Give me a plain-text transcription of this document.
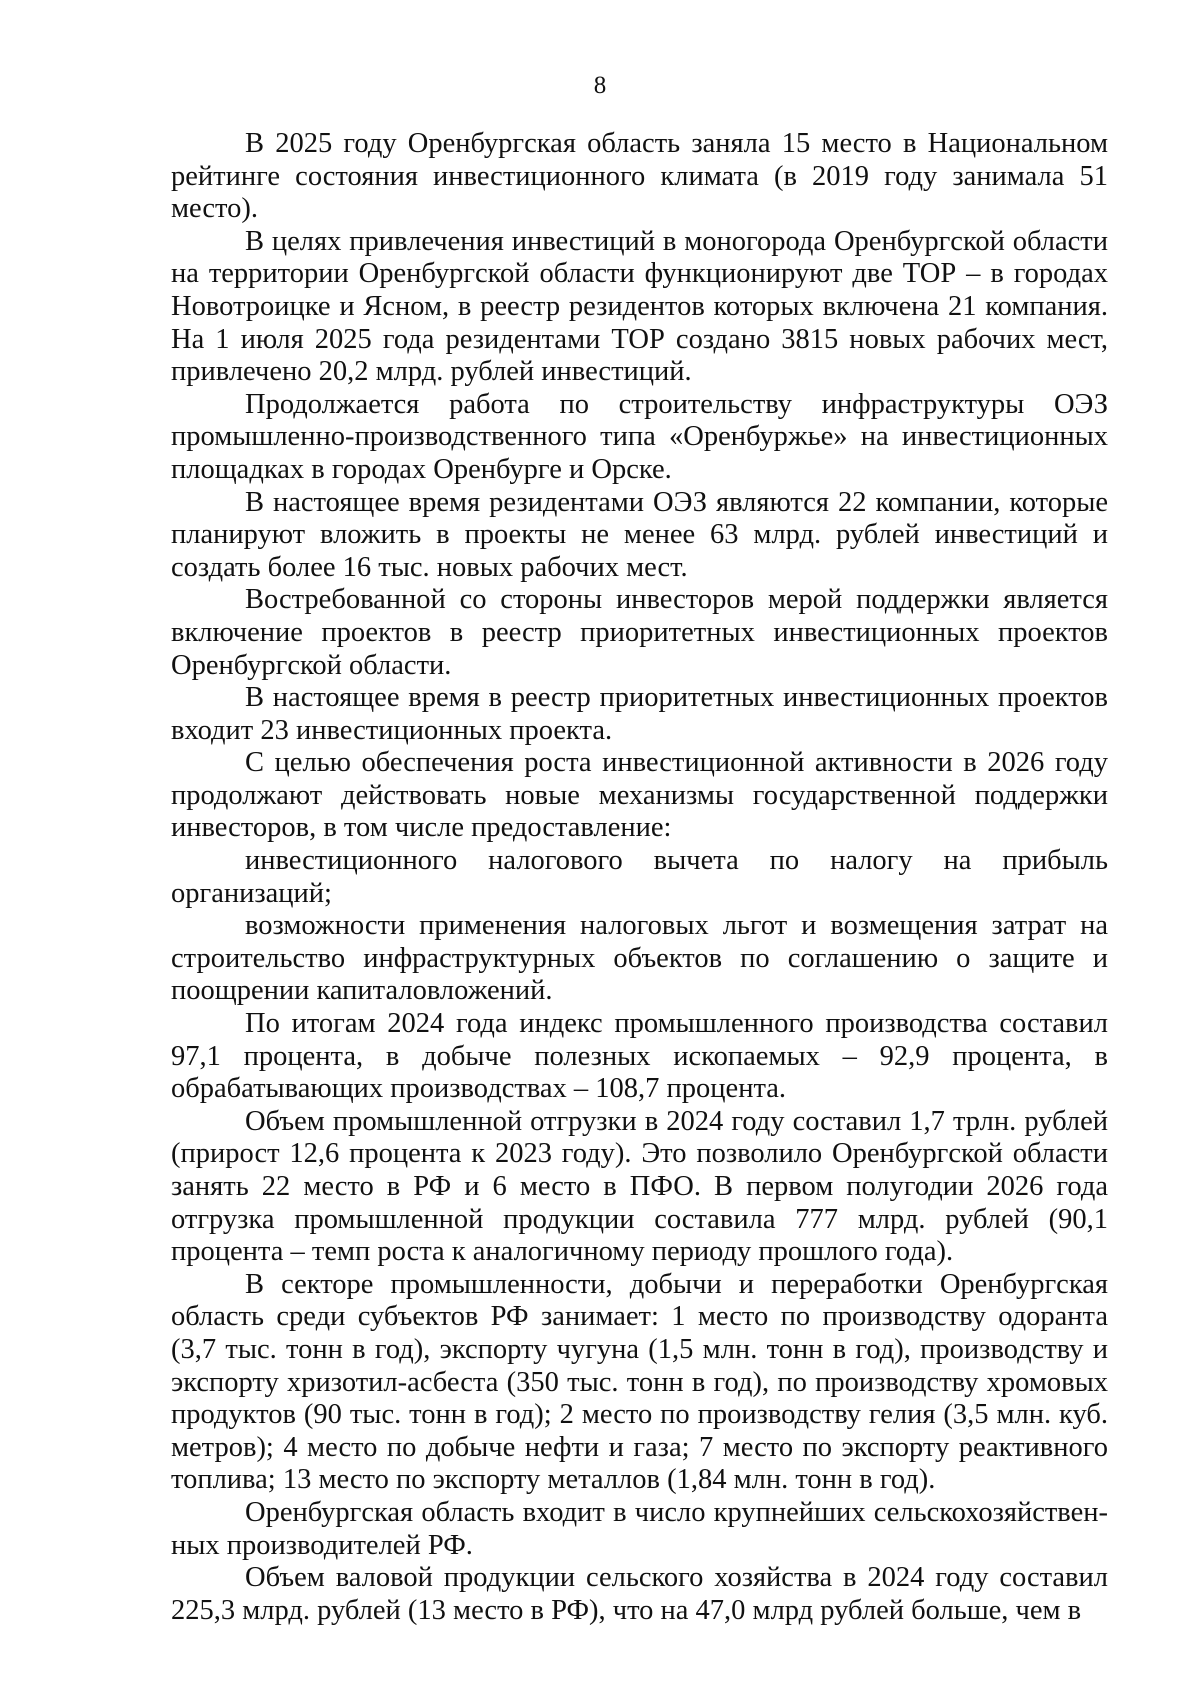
8

В 2025 году Оренбургская область заняла 15 место в Национальном рейтинге состояния инвестиционного климата (в 2019 году занимала 51 место).

В целях привлечения инвестиций в моногорода Оренбургской области на территории Оренбургской области функционируют две ТОР – в городах Новотроицке и Ясном, в реестр резидентов которых включена 21 компания. На 1 июля 2025 года резидентами ТОР создано 3815 новых рабочих мест, привлечено 20,2 млрд. рублей инвестиций.

Продолжается работа по строительству инфраструктуры ОЭЗ промышленно-производственного типа «Оренбуржье» на инвестиционных площадках в городах Оренбурге и Орске.

В настоящее время резидентами ОЭЗ являются 22 компании, которые планируют вложить в проекты не менее 63 млрд. рублей инвестиций и создать более 16 тыс. новых рабочих мест.

Востребованной со стороны инвесторов мерой поддержки является включение проектов в реестр приоритетных инвестиционных проектов Оренбургской области.

В настоящее время в реестр приоритетных инвестиционных проектов входит 23 инвестиционных проекта.

С целью обеспечения роста инвестиционной активности в 2026 году продолжают действовать новые механизмы государственной поддержки инвесторов, в том числе предоставление:

инвестиционного налогового вычета по налогу на прибыль организаций;

возможности применения налоговых льгот и возмещения затрат на строительство инфраструктурных объектов по соглашению о защите и поощрении капиталовложений.

По итогам 2024 года индекс промышленного производства составил 97,1 процента, в добыче полезных ископаемых – 92,9 процента, в обрабатывающих производствах – 108,7 процента.

Объем промышленной отгрузки в 2024 году составил 1,7 трлн. рублей (прирост 12,6 процента к 2023 году). Это позволило Оренбургской области занять 22 место в РФ и 6 место в ПФО. В первом полугодии 2026 года отгрузка промышленной продукции составила 777 млрд. рублей (90,1 процента – темп роста к аналогичному периоду прошлого года).

В секторе промышленности, добычи и переработки Оренбургская область среди субъектов РФ занимает: 1 место по производству одоранта (3,7 тыс. тонн в год), экспорту чугуна (1,5 млн. тонн в год), производству и экспорту хризотил-асбеста (350 тыс. тонн в год), по производству хромовых продуктов (90 тыс. тонн в год); 2 место по производству гелия (3,5 млн. куб. метров); 4 место по добыче нефти и газа; 7 место по экспорту реактивного топлива; 13 место по экспорту металлов (1,84 млн. тонн в год).

Оренбургская область входит в число крупнейших сельскохозяйственных производителей РФ.

Объем валовой продукции сельского хозяйства в 2024 году составил 225,3 млрд. рублей (13 место в РФ), что на 47,0 млрд рублей больше, чем в
